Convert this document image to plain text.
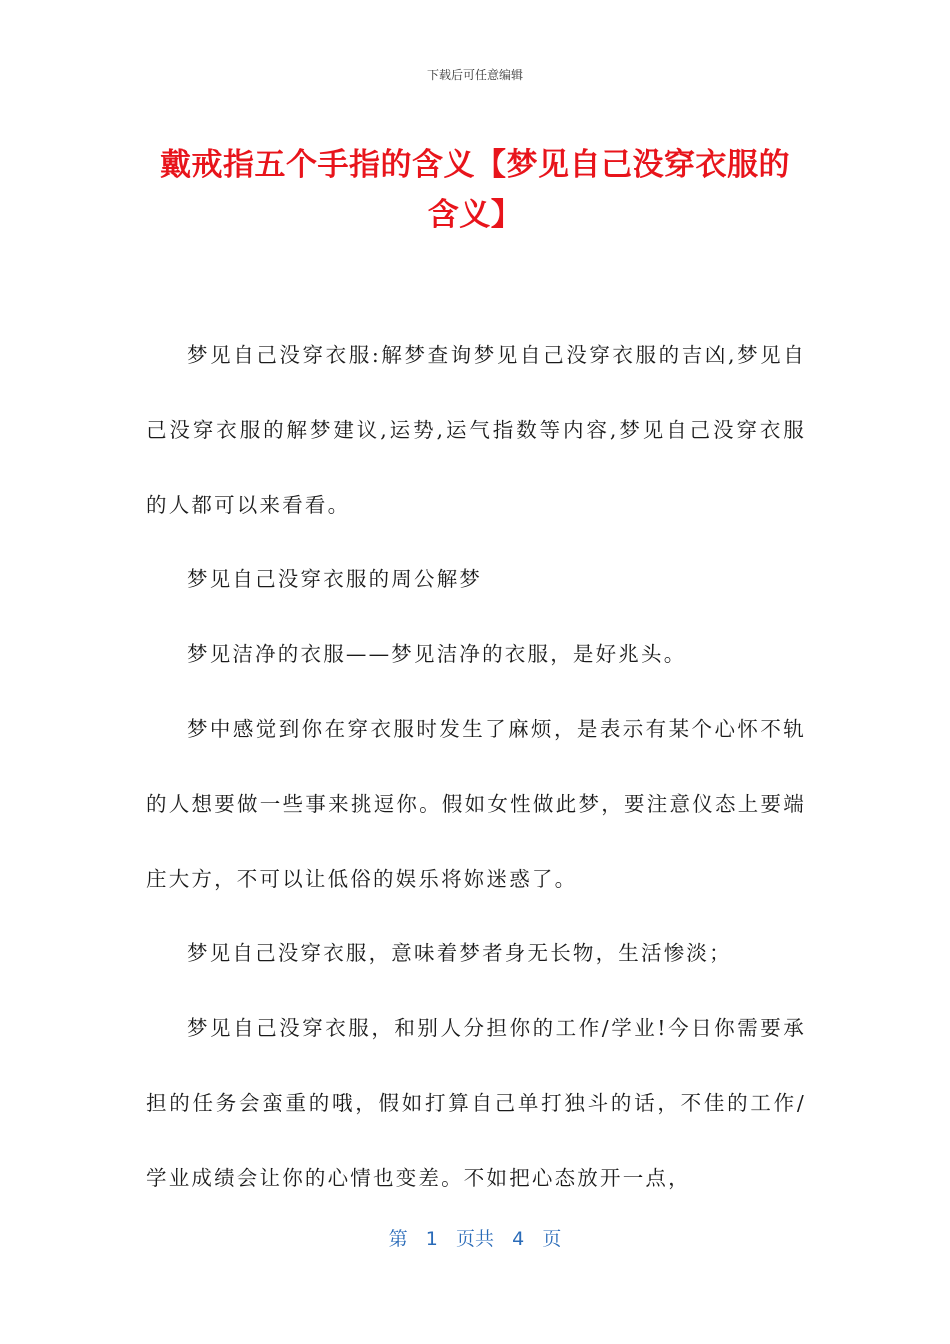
下载后可任意编辑
戴戒指五个手指的含义【梦见自己没穿衣服的含义】

梦见自己没穿衣服:解梦查询梦见自己没穿衣服的吉凶,梦见自己没穿衣服的解梦建议,运势,运气指数等内容,梦见自己没穿衣服的人都可以来看看。

梦见自己没穿衣服的周公解梦

梦见洁净的衣服——梦见洁净的衣服，是好兆头。

梦中感觉到你在穿衣服时发生了麻烦，是表示有某个心怀不轨的人想要做一些事来挑逗你。假如女性做此梦，要注意仪态上要端庄大方，不可以让低俗的娱乐将妳迷惑了。

梦见自己没穿衣服，意味着梦者身无长物，生活惨淡；

梦见自己没穿衣服，和别人分担你的工作/学业!今日你需要承担的任务会蛮重的哦，假如打算自己单打独斗的话，不佳的工作/学业成绩会让你的心情也变差。不如把心态放开一点，

第 1 页共 4 页
